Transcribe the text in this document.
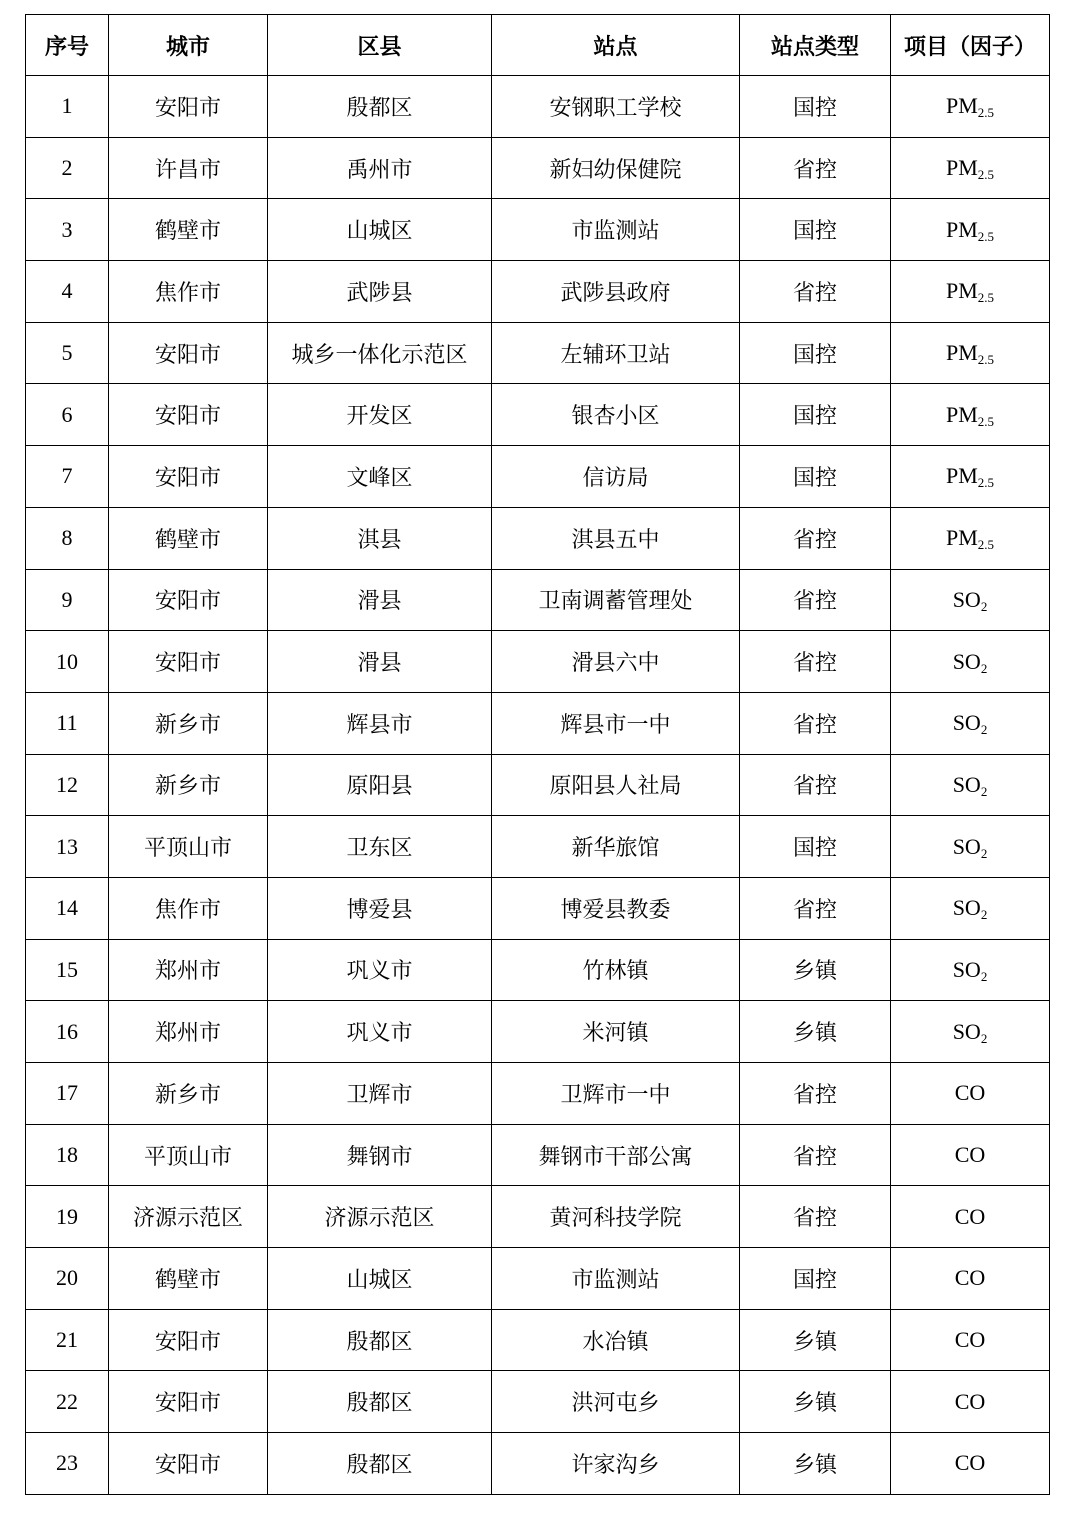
序号	城市	区县	站点	站点类型	项目（因子）
1	安阳市	殷都区	安钢职工学校	国控	$PM_{2.5}$
2	许昌市	禹州市	新妇幼保健院	省控	$PM_{2.5}$
3	鹤壁市	山城区	市监测站	国控	$PM_{2.5}$
4	焦作市	武陟县	武陟县政府	省控	$PM_{2.5}$
5	安阳市	城乡一体化示范区	左辅环卫站	国控	$PM_{2.5}$
6	安阳市	开发区	银杏小区	国控	$PM_{2.5}$
7	安阳市	文峰区	信访局	国控	$PM_{2.5}$
8	鹤壁市	淇县	淇县五中	省控	$PM_{2.5}$
9	安阳市	滑县	卫南调蓄管理处	省控	$SO_2$
10	安阳市	滑县	滑县六中	省控	$SO_2$
11	新乡市	辉县市	辉县市一中	省控	$SO_2$
12	新乡市	原阳县	原阳县人社局	省控	$SO_2$
13	平顶山市	卫东区	新华旅馆	国控	$SO_2$
14	焦作市	博爱县	博爱县教委	省控	$SO_2$
15	郑州市	巩义市	竹林镇	乡镇	$SO_2$
16	郑州市	巩义市	米河镇	乡镇	$SO_2$
17	新乡市	卫辉市	卫辉市一中	省控	CO
18	平顶山市	舞钢市	舞钢市干部公寓	省控	CO
19	济源示范区	济源示范区	黄河科技学院	省控	CO
20	鹤壁市	山城区	市监测站	国控	CO
21	安阳市	殷都区	水冶镇	乡镇	CO
22	安阳市	殷都区	洪河屯乡	乡镇	CO
23	安阳市	殷都区	许家沟乡	乡镇	CO
